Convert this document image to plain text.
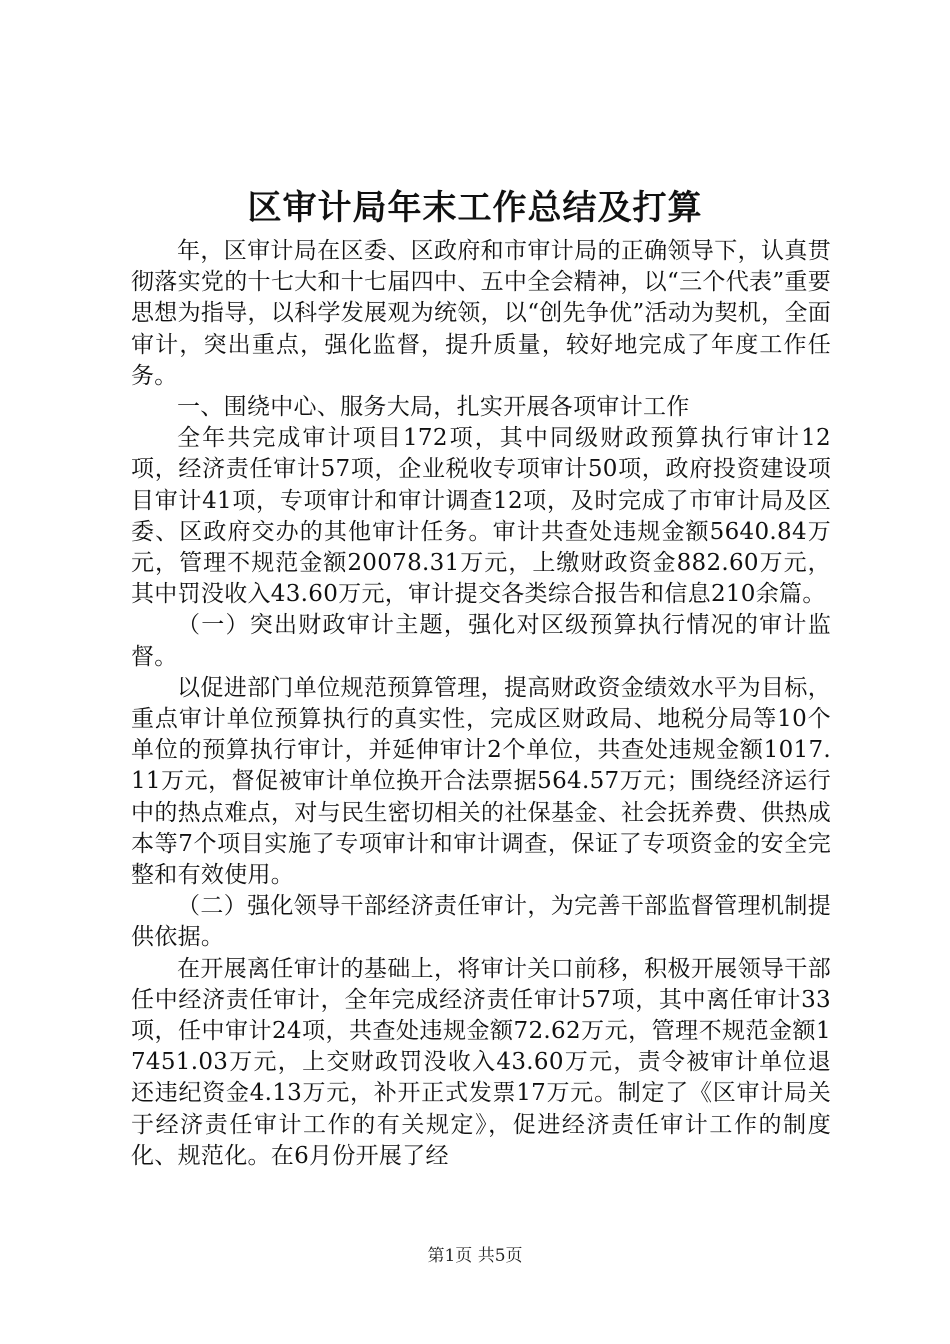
区审计局年末工作总结及打算

年，区审计局在区委、区政府和市审计局的正确领导下，认真贯彻落实党的十七大和十七届四中、五中全会精神，以“三个代表”重要思想为指导，以科学发展观为统领，以“创先争优”活动为契机，全面审计，突出重点，强化监督，提升质量，较好地完成了年度工作任务。

一、围绕中心、服务大局，扎实开展各项审计工作

全年共完成审计项目172项，其中同级财政预算执行审计12项，经济责任审计57项，企业税收专项审计50项，政府投资建设项目审计41项，专项审计和审计调查12项，及时完成了市审计局及区委、区政府交办的其他审计任务。审计共查处违规金额5640.84万元，管理不规范金额20078.31万元，上缴财政资金882.60万元，其中罚没收入43.60万元，审计提交各类综合报告和信息210余篇。

（一）突出财政审计主题，强化对区级预算执行情况的审计监督。

以促进部门单位规范预算管理，提高财政资金绩效水平为目标，重点审计单位预算执行的真实性，完成区财政局、地税分局等10个单位的预算执行审计，并延伸审计2个单位，共查处违规金额1017.11万元，督促被审计单位换开合法票据564.57万元；围绕经济运行中的热点难点，对与民生密切相关的社保基金、社会抚养费、供热成本等7个项目实施了专项审计和审计调查，保证了专项资金的安全完整和有效使用。

（二）强化领导干部经济责任审计，为完善干部监督管理机制提供依据。

在开展离任审计的基础上，将审计关口前移，积极开展领导干部任中经济责任审计，全年完成经济责任审计57项，其中离任审计33项，任中审计24项，共查处违规金额72.62万元，管理不规范金额17451.03万元，上交财政罚没收入43.60万元，责令被审计单位退还违纪资金4.13万元，补开正式发票17万元。制定了《区审计局关于经济责任审计工作的有关规定》，促进经济责任审计工作的制度化、规范化。在6月份开展了经

第1页 共5页
